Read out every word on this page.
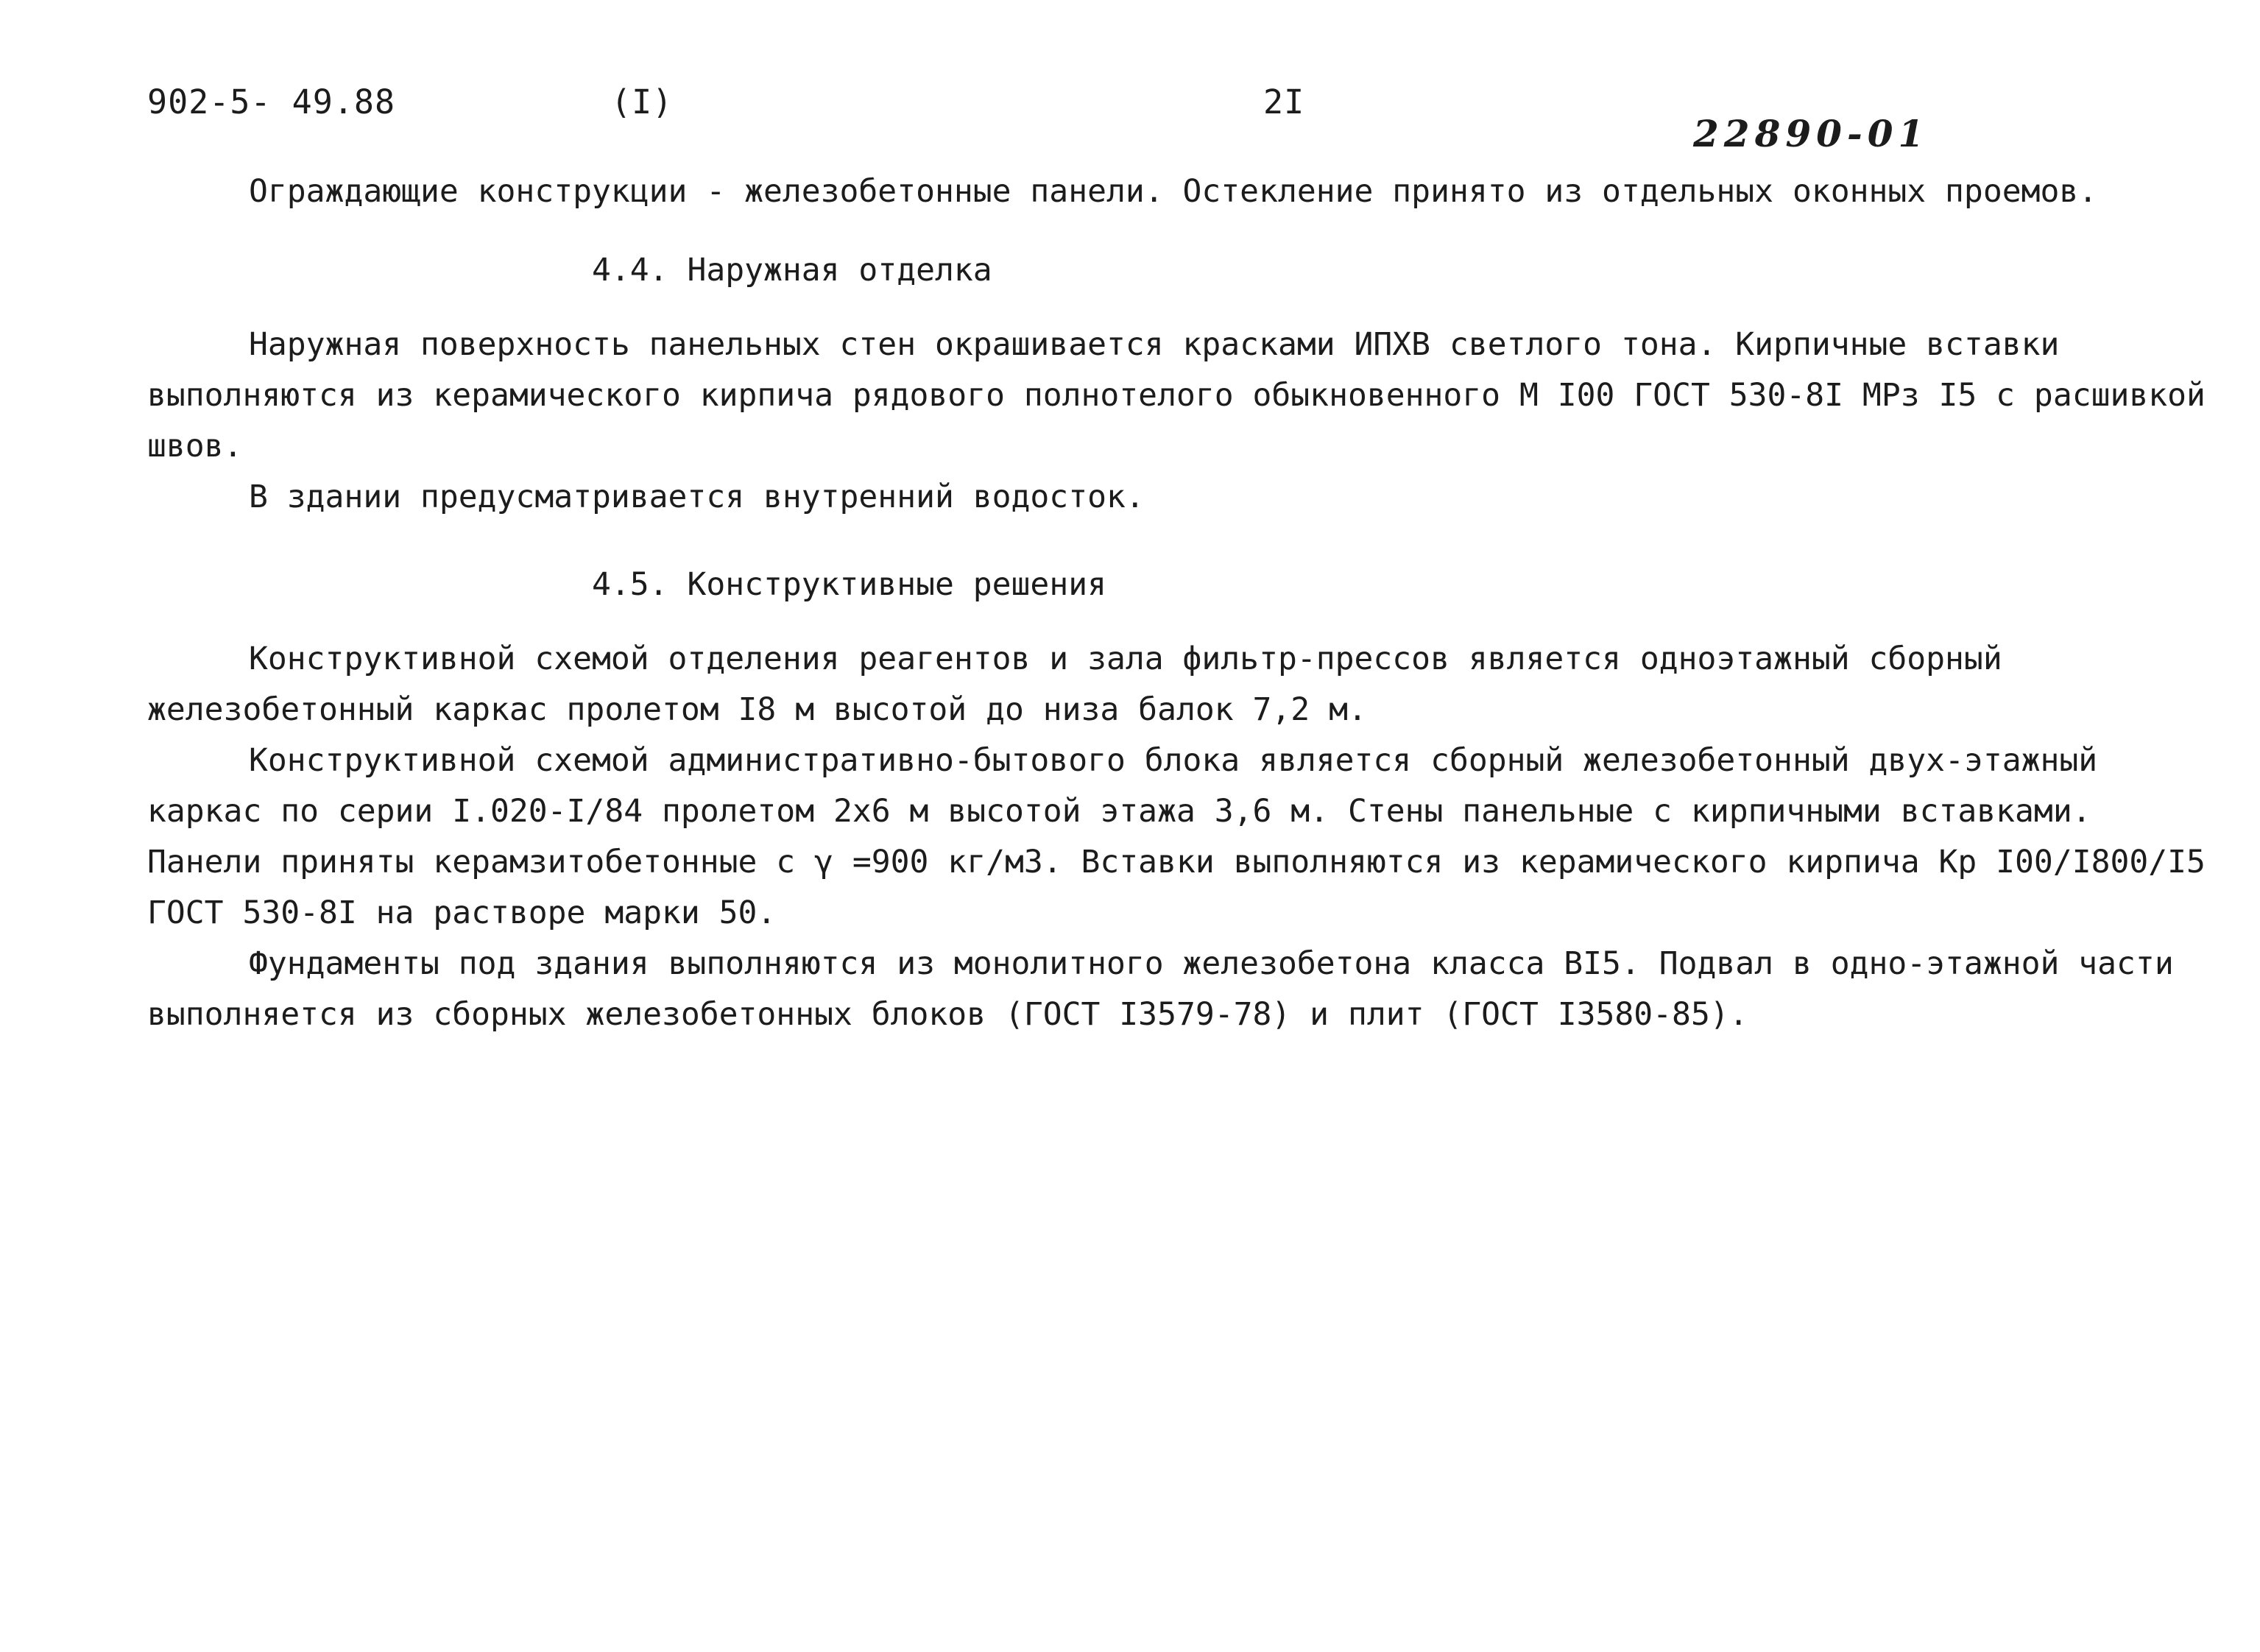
902-5- 49.88	(I)	2I
22890-01

Ограждающие конструкции - железобетонные панели. Остекление принято из отдельных оконных проемов.

4.4. Наружная отделка

Наружная поверхность панельных стен окрашивается красками ИПХВ светлого тона. Кирпичные вставки выполняются из керамического кирпича рядового полнотелого обыкновенного М I00 ГОСТ 530-8I МРз I5 с расшивкой швов.

В здании предусматривается внутренний водосток.

4.5. Конструктивные решения

Конструктивной схемой отделения реагентов и зала фильтр-прессов является одноэтажный сборный железобетонный каркас пролетом I8 м высотой до низа балок 7,2 м.

Конструктивной схемой административно-бытового блока является сборный железобетонный двух-этажный каркас по серии I.020-I/84 пролетом 2х6 м высотой этажа 3,6 м. Стены панельные с кирпичными вставками. Панели приняты керамзитобетонные с γ =900 кг/м3. Вставки выполняются из керамического кирпича Кр I00/I800/I5 ГОСТ 530-8I на растворе марки 50.

Фундаменты под здания выполняются из монолитного железобетона класса ВI5. Подвал в одно-этажной части выполняется из сборных железобетонных блоков (ГОСТ I3579-78) и плит (ГОСТ I3580-85).
